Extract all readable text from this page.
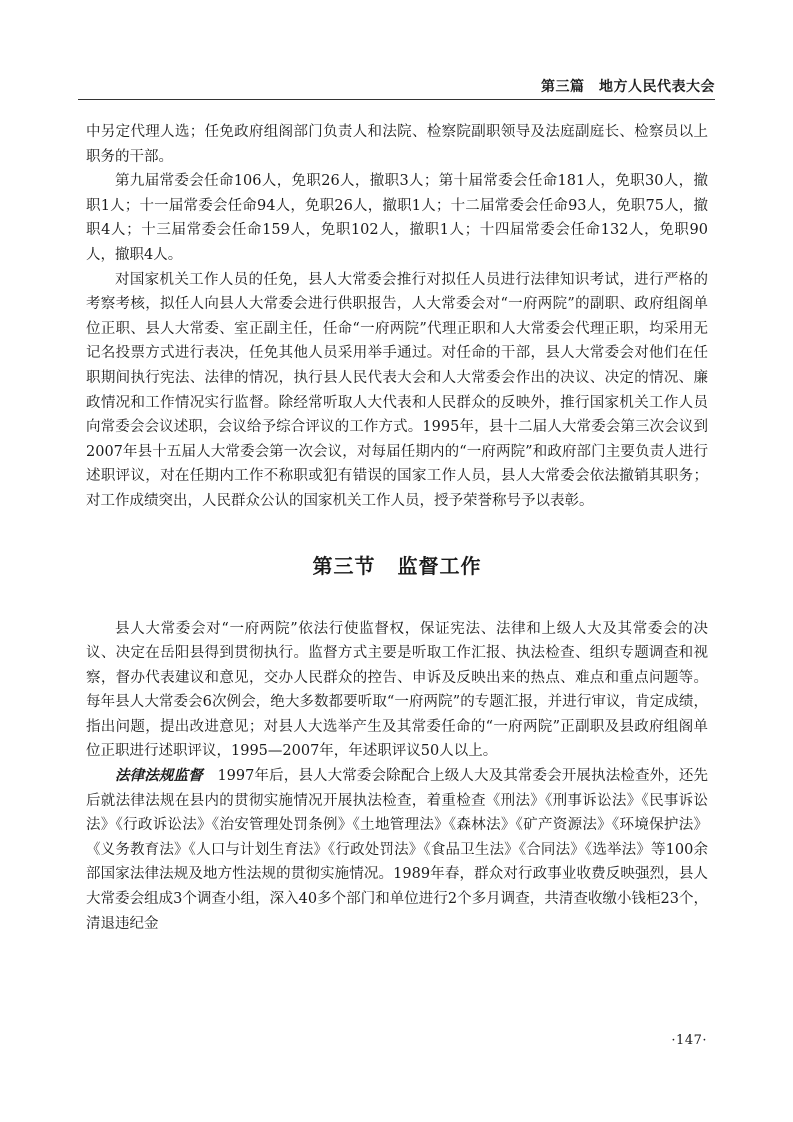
第三篇　地方人民代表大会

中另定代理人选；任免政府组阁部门负责人和法院、检察院副职领导及法庭副庭长、检察员以上职务的干部。

第九届常委会任命106人，免职26人，撤职3人；第十届常委会任命181人，免职30人，撤职1人；十一届常委会任命94人，免职26人，撤职1人；十二届常委会任命93人，免职75人，撤职4人；十三届常委会任命159人，免职102人，撤职1人；十四届常委会任命132人，免职90人，撤职4人。

对国家机关工作人员的任免，县人大常委会推行对拟任人员进行法律知识考试，进行严格的考察考核，拟任人向县人大常委会进行供职报告，人大常委会对“一府两院”的副职、政府组阁单位正职、县人大常委、室正副主任，任命“一府两院”代理正职和人大常委会代理正职，均采用无记名投票方式进行表决，任免其他人员采用举手通过。对任命的干部，县人大常委会对他们在任职期间执行宪法、法律的情况，执行县人民代表大会和人大常委会作出的决议、决定的情况、廉政情况和工作情况实行监督。除经常听取人大代表和人民群众的反映外，推行国家机关工作人员向常委会会议述职，会议给予综合评议的工作方式。1995年，县十二届人大常委会第三次会议到2007年县十五届人大常委会第一次会议，对每届任期内的“一府两院”和政府部门主要负责人进行述职评议，对在任期内工作不称职或犯有错误的国家工作人员，县人大常委会依法撤销其职务；对工作成绩突出，人民群众公认的国家机关工作人员，授予荣誉称号予以表彰。

第三节 监督工作

县人大常委会对“一府两院”依法行使监督权，保证宪法、法律和上级人大及其常委会的决议、决定在岳阳县得到贯彻执行。监督方式主要是听取工作汇报、执法检查、组织专题调查和视察，督办代表建议和意见，交办人民群众的控告、申诉及反映出来的热点、难点和重点问题等。每年县人大常委会6次例会，绝大多数都要听取“一府两院”的专题汇报，并进行审议，肯定成绩，指出问题，提出改进意见；对县人大选举产生及其常委任命的“一府两院”正副职及县政府组阁单位正职进行述职评议，1995—2007年，年述职评议50人以上。

法律法规监督　1997年后，县人大常委会除配合上级人大及其常委会开展执法检查外，还先后就法律法规在县内的贯彻实施情况开展执法检查，着重检查《刑法》《刑事诉讼法》《民事诉讼法》《行政诉讼法》《治安管理处罚条例》《土地管理法》《森林法》《矿产资源法》《环境保护法》《义务教育法》《人口与计划生育法》《行政处罚法》《食品卫生法》《合同法》《选举法》等100余部国家法律法规及地方性法规的贯彻实施情况。1989年春，群众对行政事业收费反映强烈，县人大常委会组成3个调查小组，深入40多个部门和单位进行2个多月调查，共清查收缴小钱柜23个，清退违纪金

·147·
